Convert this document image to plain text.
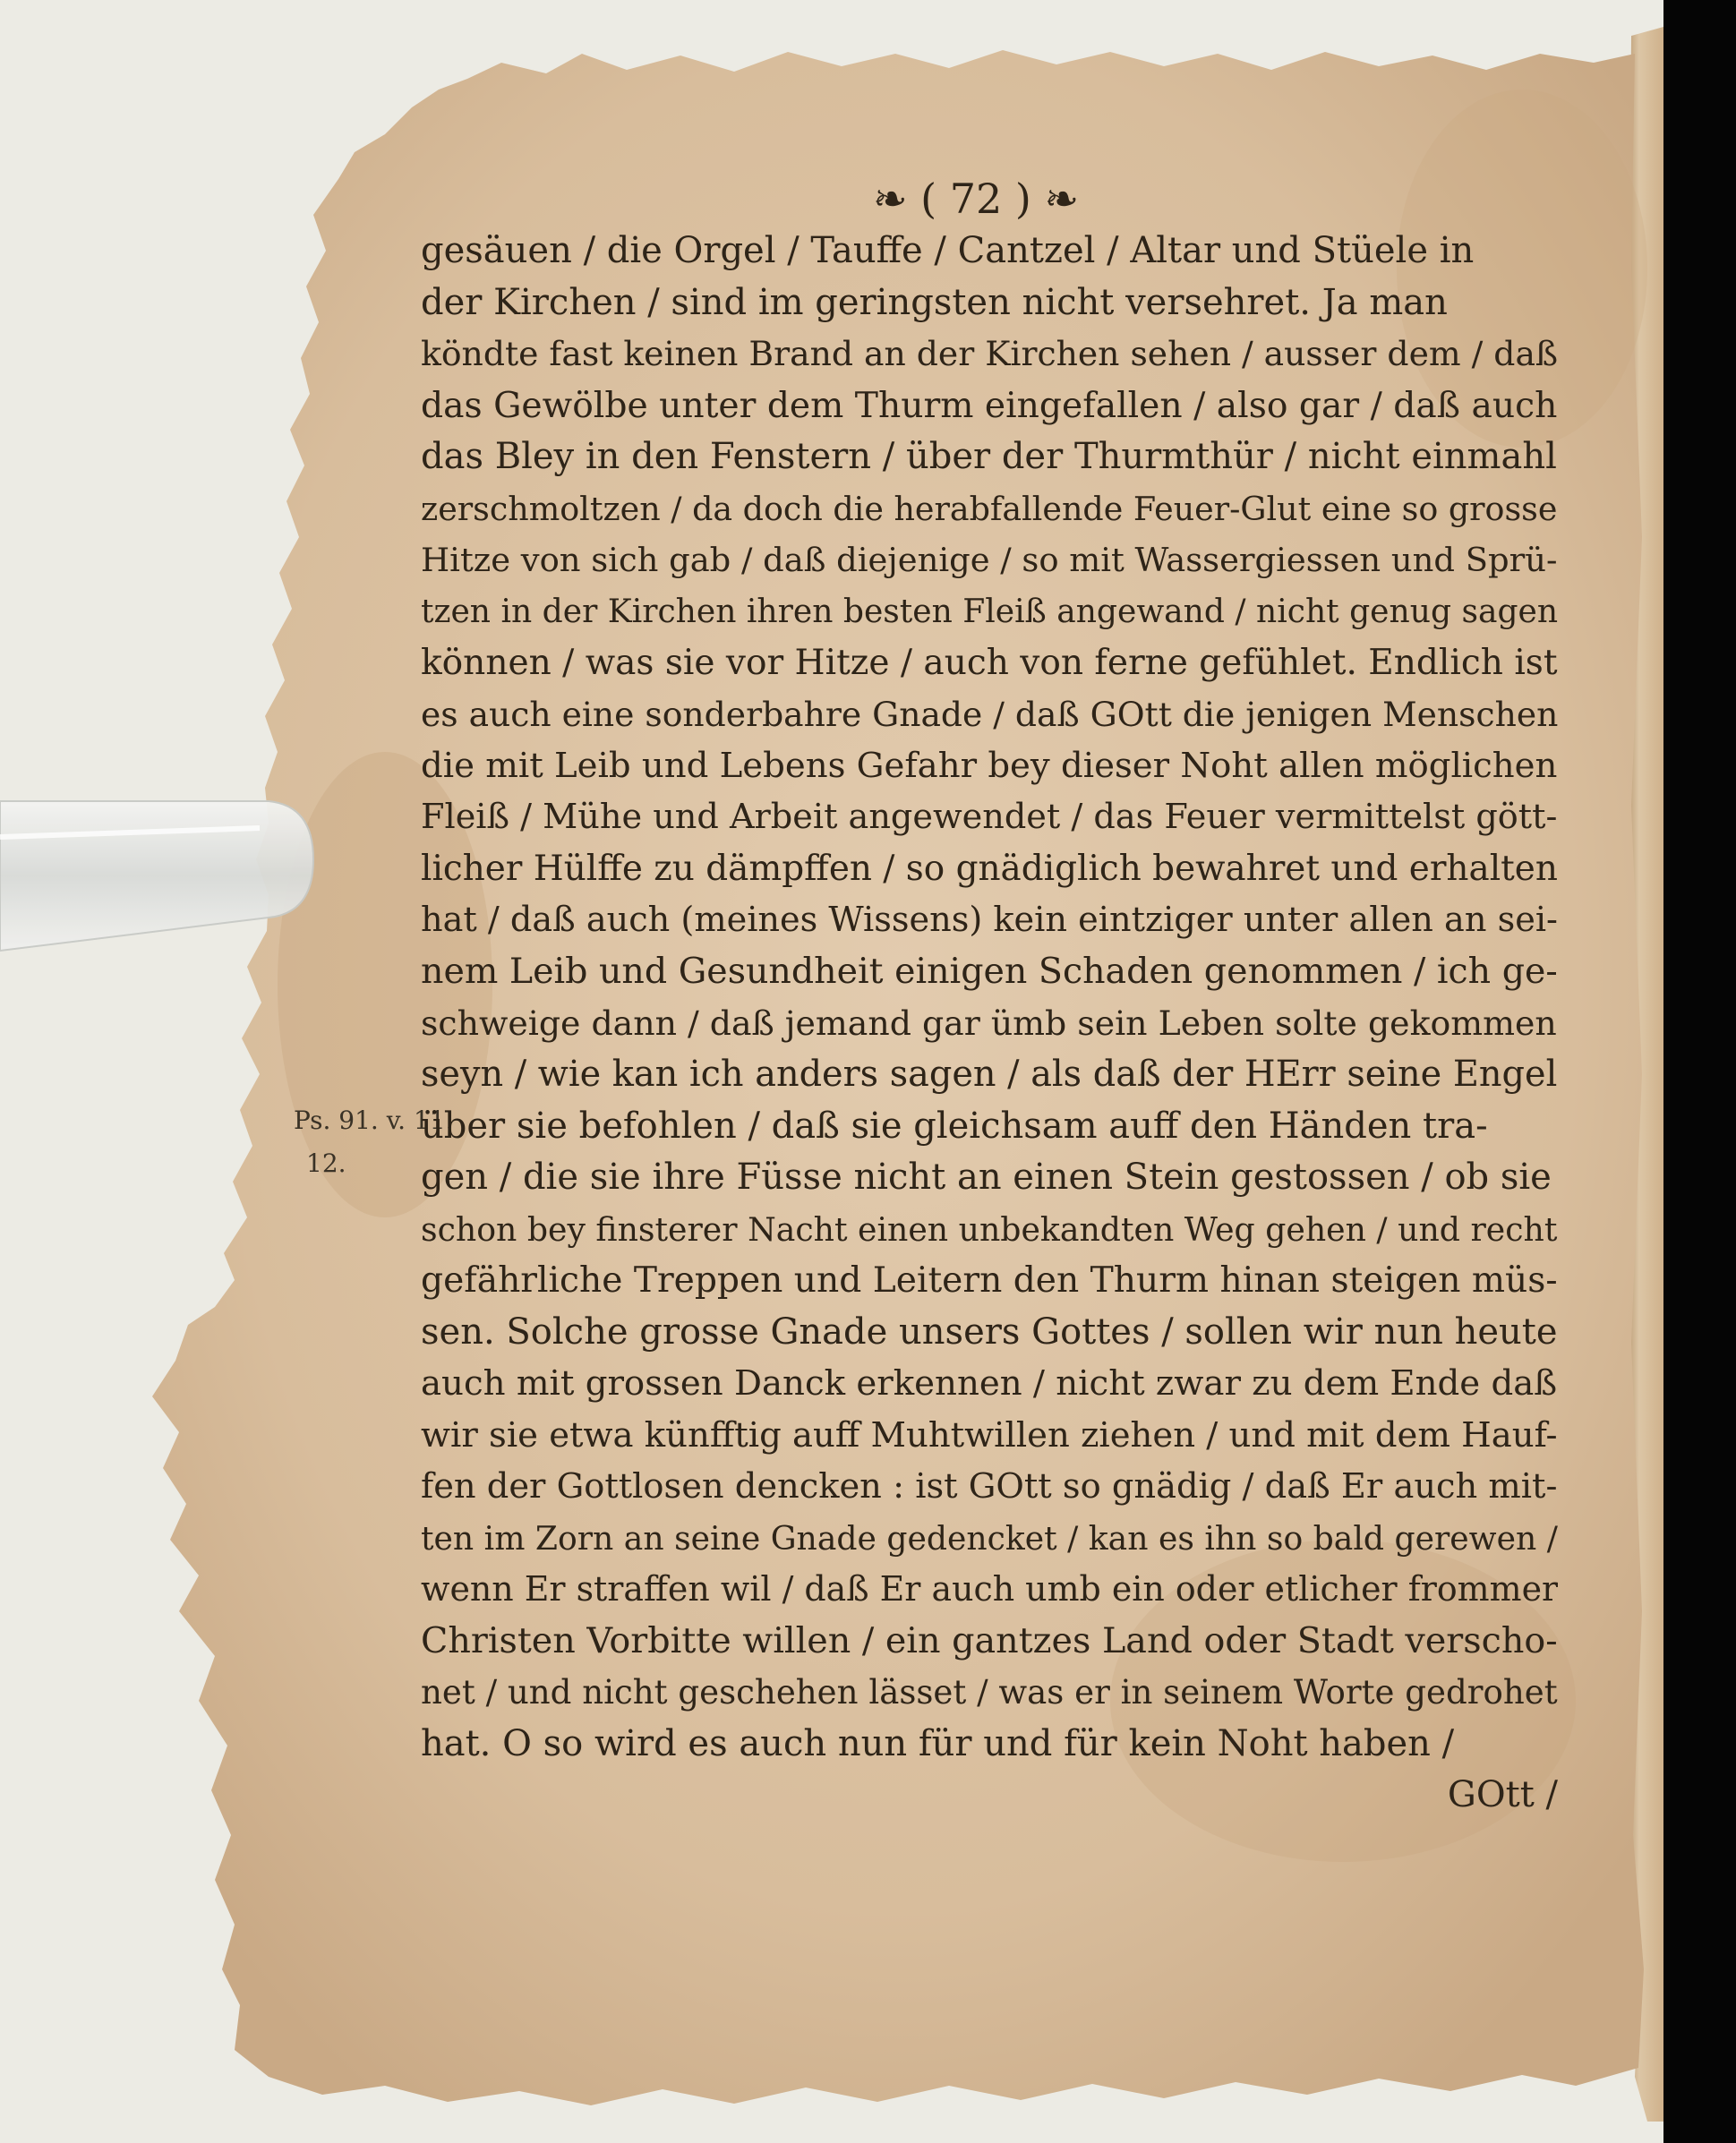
❧ ( 72 ) ❧
Ps. 91. v. 11.
12.
gesäuen / die Orgel / Tauffe / Cantzel / Altar und Stüele in
der Kirchen / sind im geringsten nicht versehret. Ja man
köndte fast keinen Brand an der Kirchen sehen / ausser dem / daß
das Gewölbe unter dem Thurm eingefallen / also gar / daß auch
das Bley in den Fenstern / über der Thurmthür / nicht einmahl
zerschmoltzen / da doch die herabfallende Feuer-Glut eine so grosse
Hitze von sich gab / daß diejenige / so mit Wassergiessen und Sprü-
tzen in der Kirchen ihren besten Fleiß angewand / nicht genug sagen
können / was sie vor Hitze / auch von ferne gefühlet. Endlich ist
es auch eine sonderbahre Gnade / daß GOtt die jenigen Menschen
die mit Leib und Lebens Gefahr bey dieser Noht allen möglichen
Fleiß / Mühe und Arbeit angewendet / das Feuer vermittelst gött-
licher Hülffe zu dämpffen / so gnädiglich bewahret und erhalten
hat / daß auch (meines Wissens) kein eintziger unter allen an sei-
nem Leib und Gesundheit einigen Schaden genommen / ich ge-
schweige dann / daß jemand gar ümb sein Leben solte gekommen
seyn / wie kan ich anders sagen / als daß der HErr seine Engel
über sie befohlen / daß sie gleichsam auff den Händen tra-
gen / die sie ihre Füsse nicht an einen Stein gestossen / ob sie
schon bey finsterer Nacht einen unbekandten Weg gehen / und recht
gefährliche Treppen und Leitern den Thurm hinan steigen müs-
sen. Solche grosse Gnade unsers Gottes / sollen wir nun heute
auch mit grossen Danck erkennen / nicht zwar zu dem Ende daß
wir sie etwa künfftig auff Muhtwillen ziehen / und mit dem Hauf-
fen der Gottlosen dencken : ist GOtt so gnädig / daß Er auch mit-
ten im Zorn an seine Gnade gedencket / kan es ihn so bald gerewen /
wenn Er straffen wil / daß Er auch umb ein oder etlicher frommer
Christen Vorbitte willen / ein gantzes Land oder Stadt verscho-
net / und nicht geschehen lässet / was er in seinem Worte gedrohet
hat. O so wird es auch nun für und für kein Noht haben /
GOtt /
